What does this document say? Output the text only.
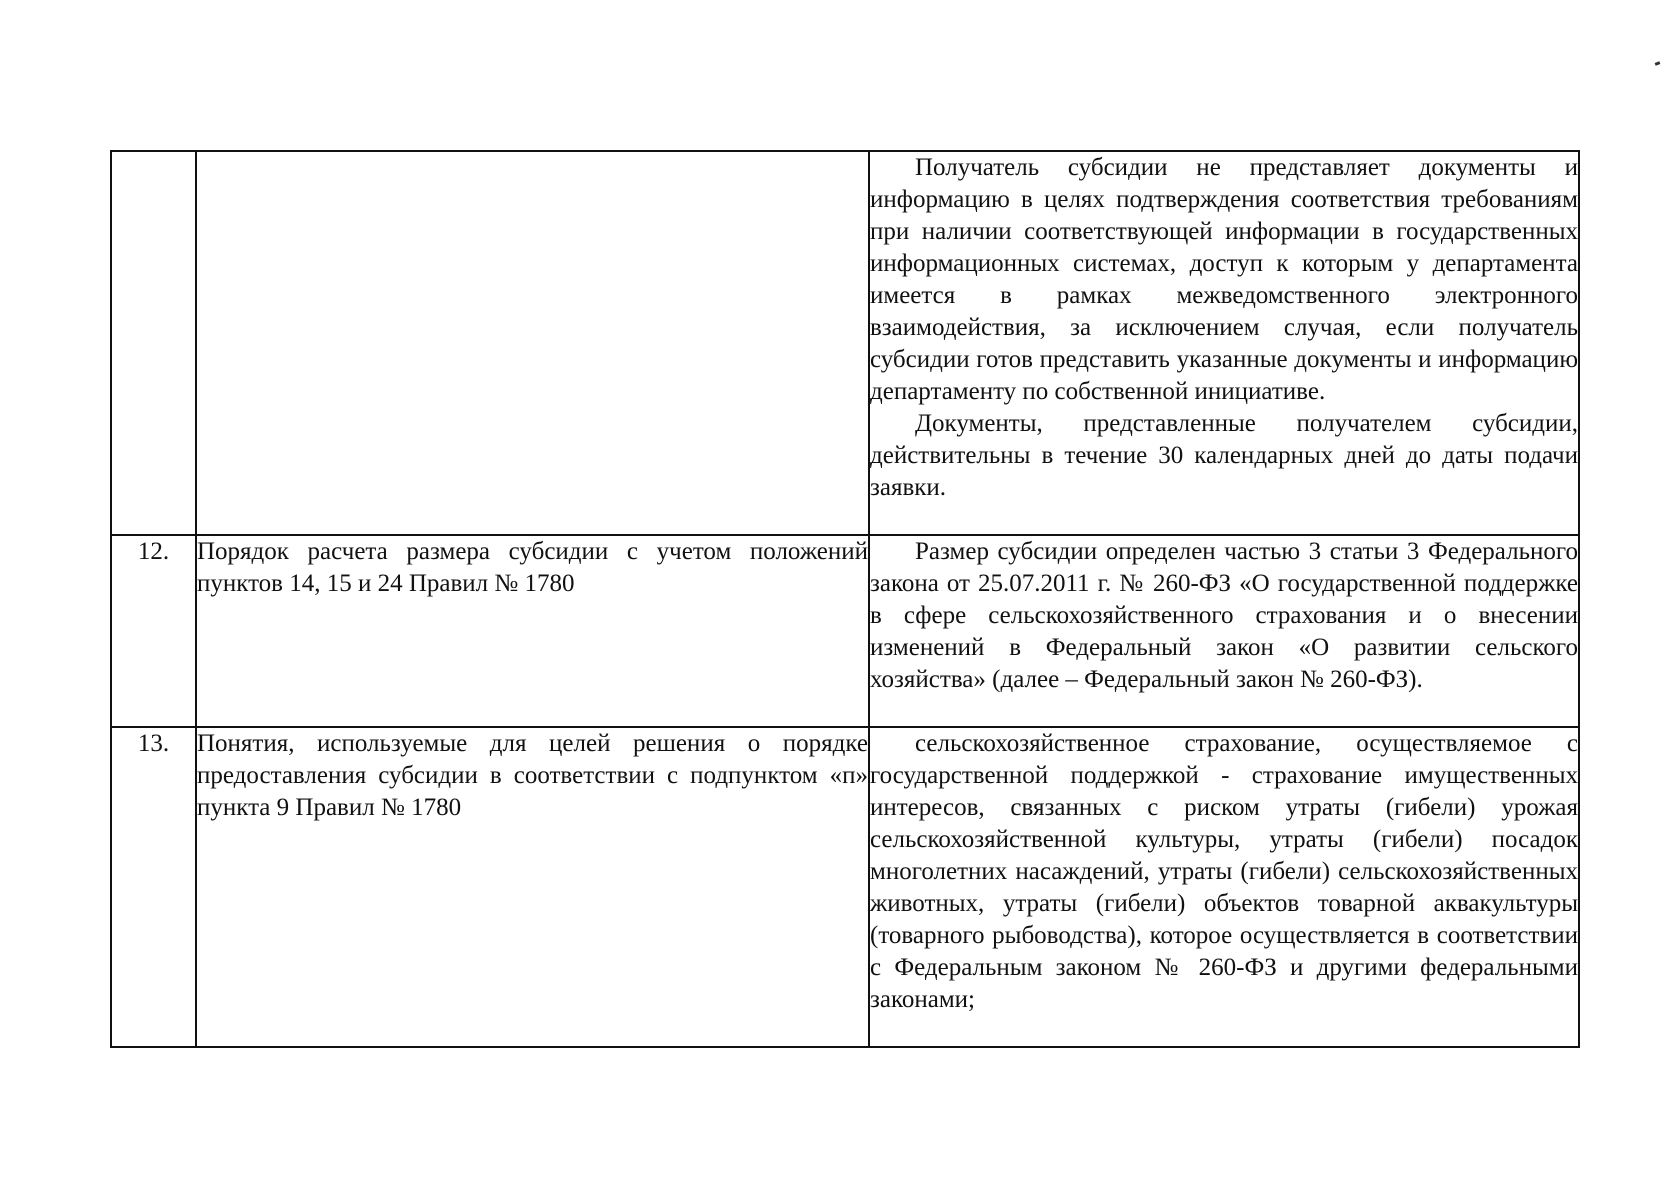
		Получатель субсидии не представляет документы и информацию в целях подтверждения соответствия требованиям при наличии соответствующей информации в государственных информационных системах, доступ к которым у департамента имеется в рамках межведомственного электронного взаимодействия, за исключением случая, если получатель субсидии готов представить указанные документы и информацию департаменту по собственной инициативе.

Документы, представленные получателем субсидии, действительны в течение 30 календарных дней до даты подачи заявки.

12.	Порядок расчета размера субсидии с учетом положений пунктов 14, 15 и 24 Правил № 1780	Размер субсидии определен частью 3 статьи 3 Федерального закона от 25.07.2011 г. № 260-ФЗ «О государственной поддержке в сфере сельскохозяйственного страхования и о внесении изменений в Федеральный закон «О развитии сельского хозяйства» (далее – Федеральный закон № 260-ФЗ).

13.	Понятия, используемые для целей решения о порядке предоставления субсидии в соответствии с подпунктом «п» пункта 9 Правил № 1780	сельскохозяйственное страхование, осуществляемое с государственной поддержкой - страхование имущественных интересов, связанных с риском утраты (гибели) урожая сельскохозяйственной культуры, утраты (гибели) посадок многолетних насаждений, утраты (гибели) сельскохозяйственных животных, утраты (гибели) объектов товарной аквакультуры (товарного рыбоводства), которое осуществляется в соответствии с Федеральным законом № 260-ФЗ и другими федеральными законами;
